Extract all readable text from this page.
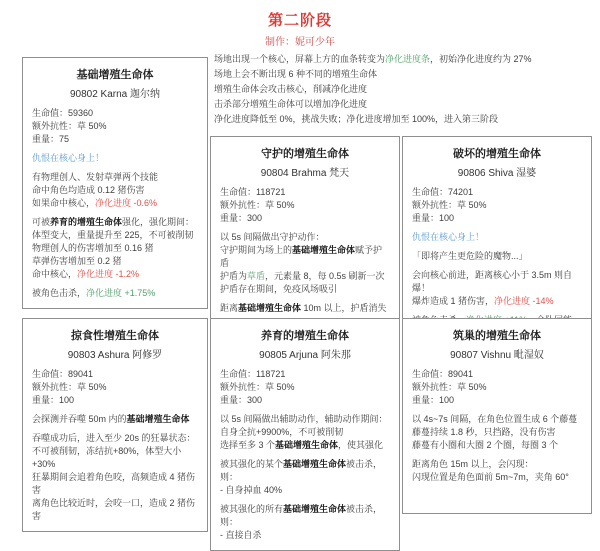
第二阶段
制作：妮可少年
场地出现一个核心，屏幕上方的血条转变为净化进度条，初始净化进度约为 27%
场地上会不断出现 6 种不同的增殖生命体
增殖生命体会攻击核心，削减净化进度
击杀部分增殖生命体可以增加净化进度
净化进度降低至 0%，挑战失败；净化进度增加至 100%，进入第三阶段
基础增殖生命体
90802 Karna 迦尔纳
生命值：59360
额外抗性：草 50%
重量：75
仇恨在核心身上！
有物理创人、发射草弹两个技能
命中角色均造成 0.12 猪伤害
如果命中核心，净化进度 -0.6%
可被养育的增殖生命体强化，强化期间：
体型变大，重量提升至 225，不可被削韧
物理创人的伤害增加至 0.16 猪
草弹伤害增加至 0.2 猪
命中核心，净化进度 -1.2%
被角色击杀，净化进度 +1.75%
守护的增殖生命体
90804 Brahma 梵天
生命值：118721
额外抗性：草 50%
重量：300
以 5s 间隔做出守护动作：
守护期间为场上的基础增殖生命体赋予护盾
护盾为草盾，元素量 8，每 0.5s 刷新一次
护盾存在期间，免疫风场吸引
距离基础增殖生命体 10m 以上，护盾消失
破坏的增殖生命体
90806 Shiva 湿婆
生命值：74201
额外抗性：草 50%
重量：100
仇恨在核心身上！
「即将产生更危险的魔物...」
会向核心前进，距离核心小于 3.5m 则自爆！
爆炸造成 1 猪伤害，净化进度 -14%
掠食性增殖生命体
90803 Ashura 阿修罗
生命值：89041
额外抗性：草 50%
重量：100
会探测并吞噬 50m 内的基础增殖生命体
吞噬成功后，进入至少 20s 的狂暴状态：
不可被削韧，冻结抗+80%，体型大小+30%
狂暴期间会追着角色咬，高频造成 4 猪伤害
离角色比较近时，会咬一口，造成 2 猪伤害
养育的增殖生命体
90805 Arjuna 阿朱那
生命值：118721
额外抗性：草 50%
重量：300
以 5s 间隔做出辅助动作，辅助动作期间：
自身全抗+9900%，不可被削韧
选择至多 3 个基础增殖生命体，使其强化
被其强化的某个基础增殖生命体被击杀，则：
- 自身掉血 40%
被其强化的所有基础增殖生命体被击杀，则：
- 直接自杀
筑巢的增殖生命体
90807 Vishnu 毗湿奴
生命值：89041
额外抗性：草 50%
重量：100
以 4s~7s 间隔，在角色位置生成 6 个藤蔓
藤蔓持续 1.8 秒，只挡路，没有伤害
藤蔓有小圈和大圈 2 个圈，每圈 3 个
距离角色 15m 以上，会闪现：
闪现位置是角色面前 5m~7m，夹角 60°
